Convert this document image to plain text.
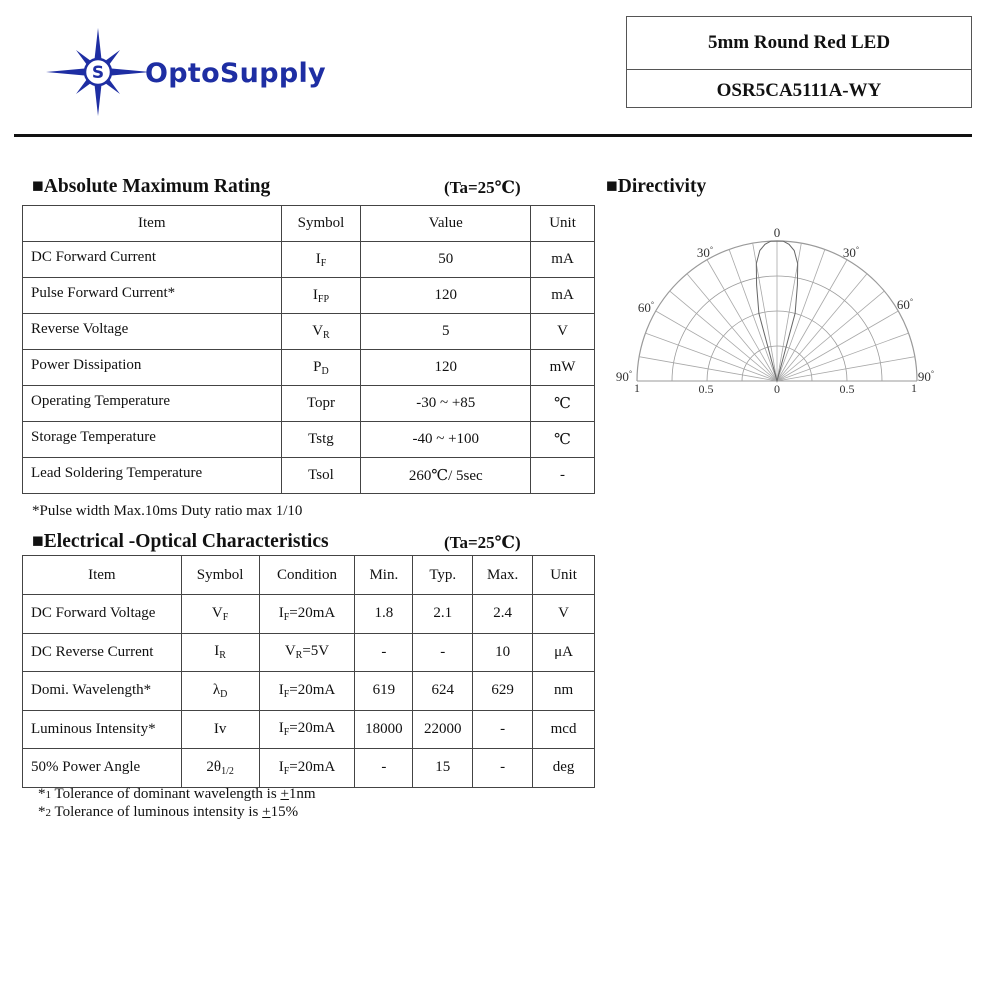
S OptoSupply
5mm Round Red LED
OSR5CA5111A-WY
■Absolute Maximum Rating	(Ta=25℃)
Item	Symbol	Value	Unit
DC Forward Current	$I_F$	50	mA
Pulse Forward Current*	$I_{FP}$	120	mA
Reverse Voltage	$V_R$	5	V
Power Dissipation	$P_D$	120	mW
Operating Temperature	Topr	-30 ~ +85	℃
Storage Temperature	Tstg	-40 ~ +100	℃
Lead Soldering Temperature	Tsol	260℃/ 5sec	-
*Pulse width Max.10ms Duty ratio max 1/10
■Electrical -Optical Characteristics	(Ta=25℃)
Item	Symbol	Condition	Min.	Typ.	Max.	Unit
DC Forward Voltage	$V_F$	$I_F=20mA$	1.8	2.1	2.4	V
DC Reverse Current	$I_R$	$V_R=5V$	-	-	10	μA
Domi. Wavelength*	$\lambda_D$	$I_F=20mA$	619	624	629	nm
Luminous Intensity*	Iv	$I_F=20mA$	18000	22000	-	mcd
50% Power Angle	$2\theta_{1/2}$	$I_F=20mA$	-	15	-	deg
*1 Tolerance of dominant wavelength is +1nm
*2 Tolerance of luminous intensity is +15%
■Directivity
0
30°	30°
60°	60°
90°	90°
1	0.5	0	0.5	1
